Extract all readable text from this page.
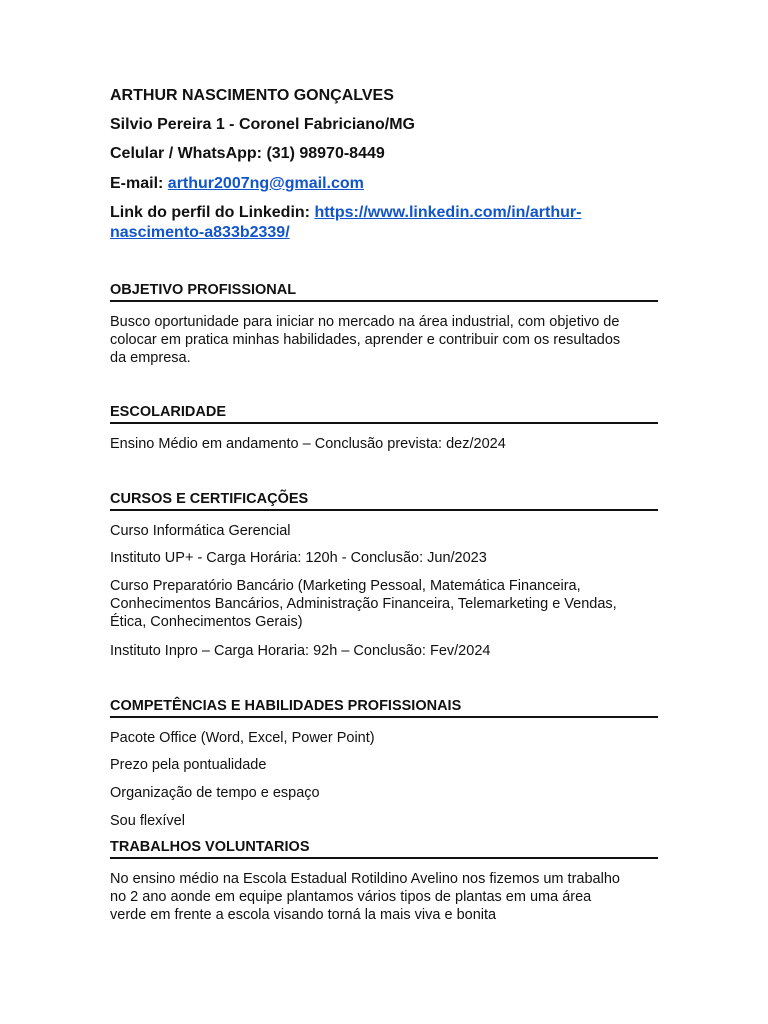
ARTHUR NASCIMENTO GONÇALVES
Silvio Pereira 1 - Coronel Fabriciano/MG
Celular / WhatsApp: (31) 98970-8449
E-mail: arthur2007ng@gmail.com
Link do perfil do Linkedin: https://www.linkedin.com/in/arthur-
nascimento-a833b2339/
OBJETIVO PROFISSIONAL
Busco oportunidade para iniciar no mercado na área industrial, com objetivo de
colocar em pratica minhas habilidades, aprender e contribuir com os resultados
da empresa.
ESCOLARIDADE
Ensino Médio em andamento – Conclusão prevista: dez/2024
CURSOS E CERTIFICAÇÕES
Curso Informática Gerencial
Instituto UP+ - Carga Horária: 120h - Conclusão: Jun/2023
Curso Preparatório Bancário (Marketing Pessoal, Matemática Financeira,
Conhecimentos Bancários, Administração Financeira, Telemarketing e Vendas,
Ética, Conhecimentos Gerais)
Instituto Inpro – Carga Horaria: 92h – Conclusão: Fev/2024
COMPETÊNCIAS E HABILIDADES PROFISSIONAIS
Pacote Office (Word, Excel, Power Point)
Prezo pela pontualidade
Organização de tempo e espaço
Sou flexível
TRABALHOS VOLUNTARIOS
No ensino médio na Escola Estadual Rotildino Avelino nos fizemos um trabalho
no 2 ano aonde em equipe plantamos vários tipos de plantas em uma área
verde em frente a escola visando torná la mais viva e bonita
